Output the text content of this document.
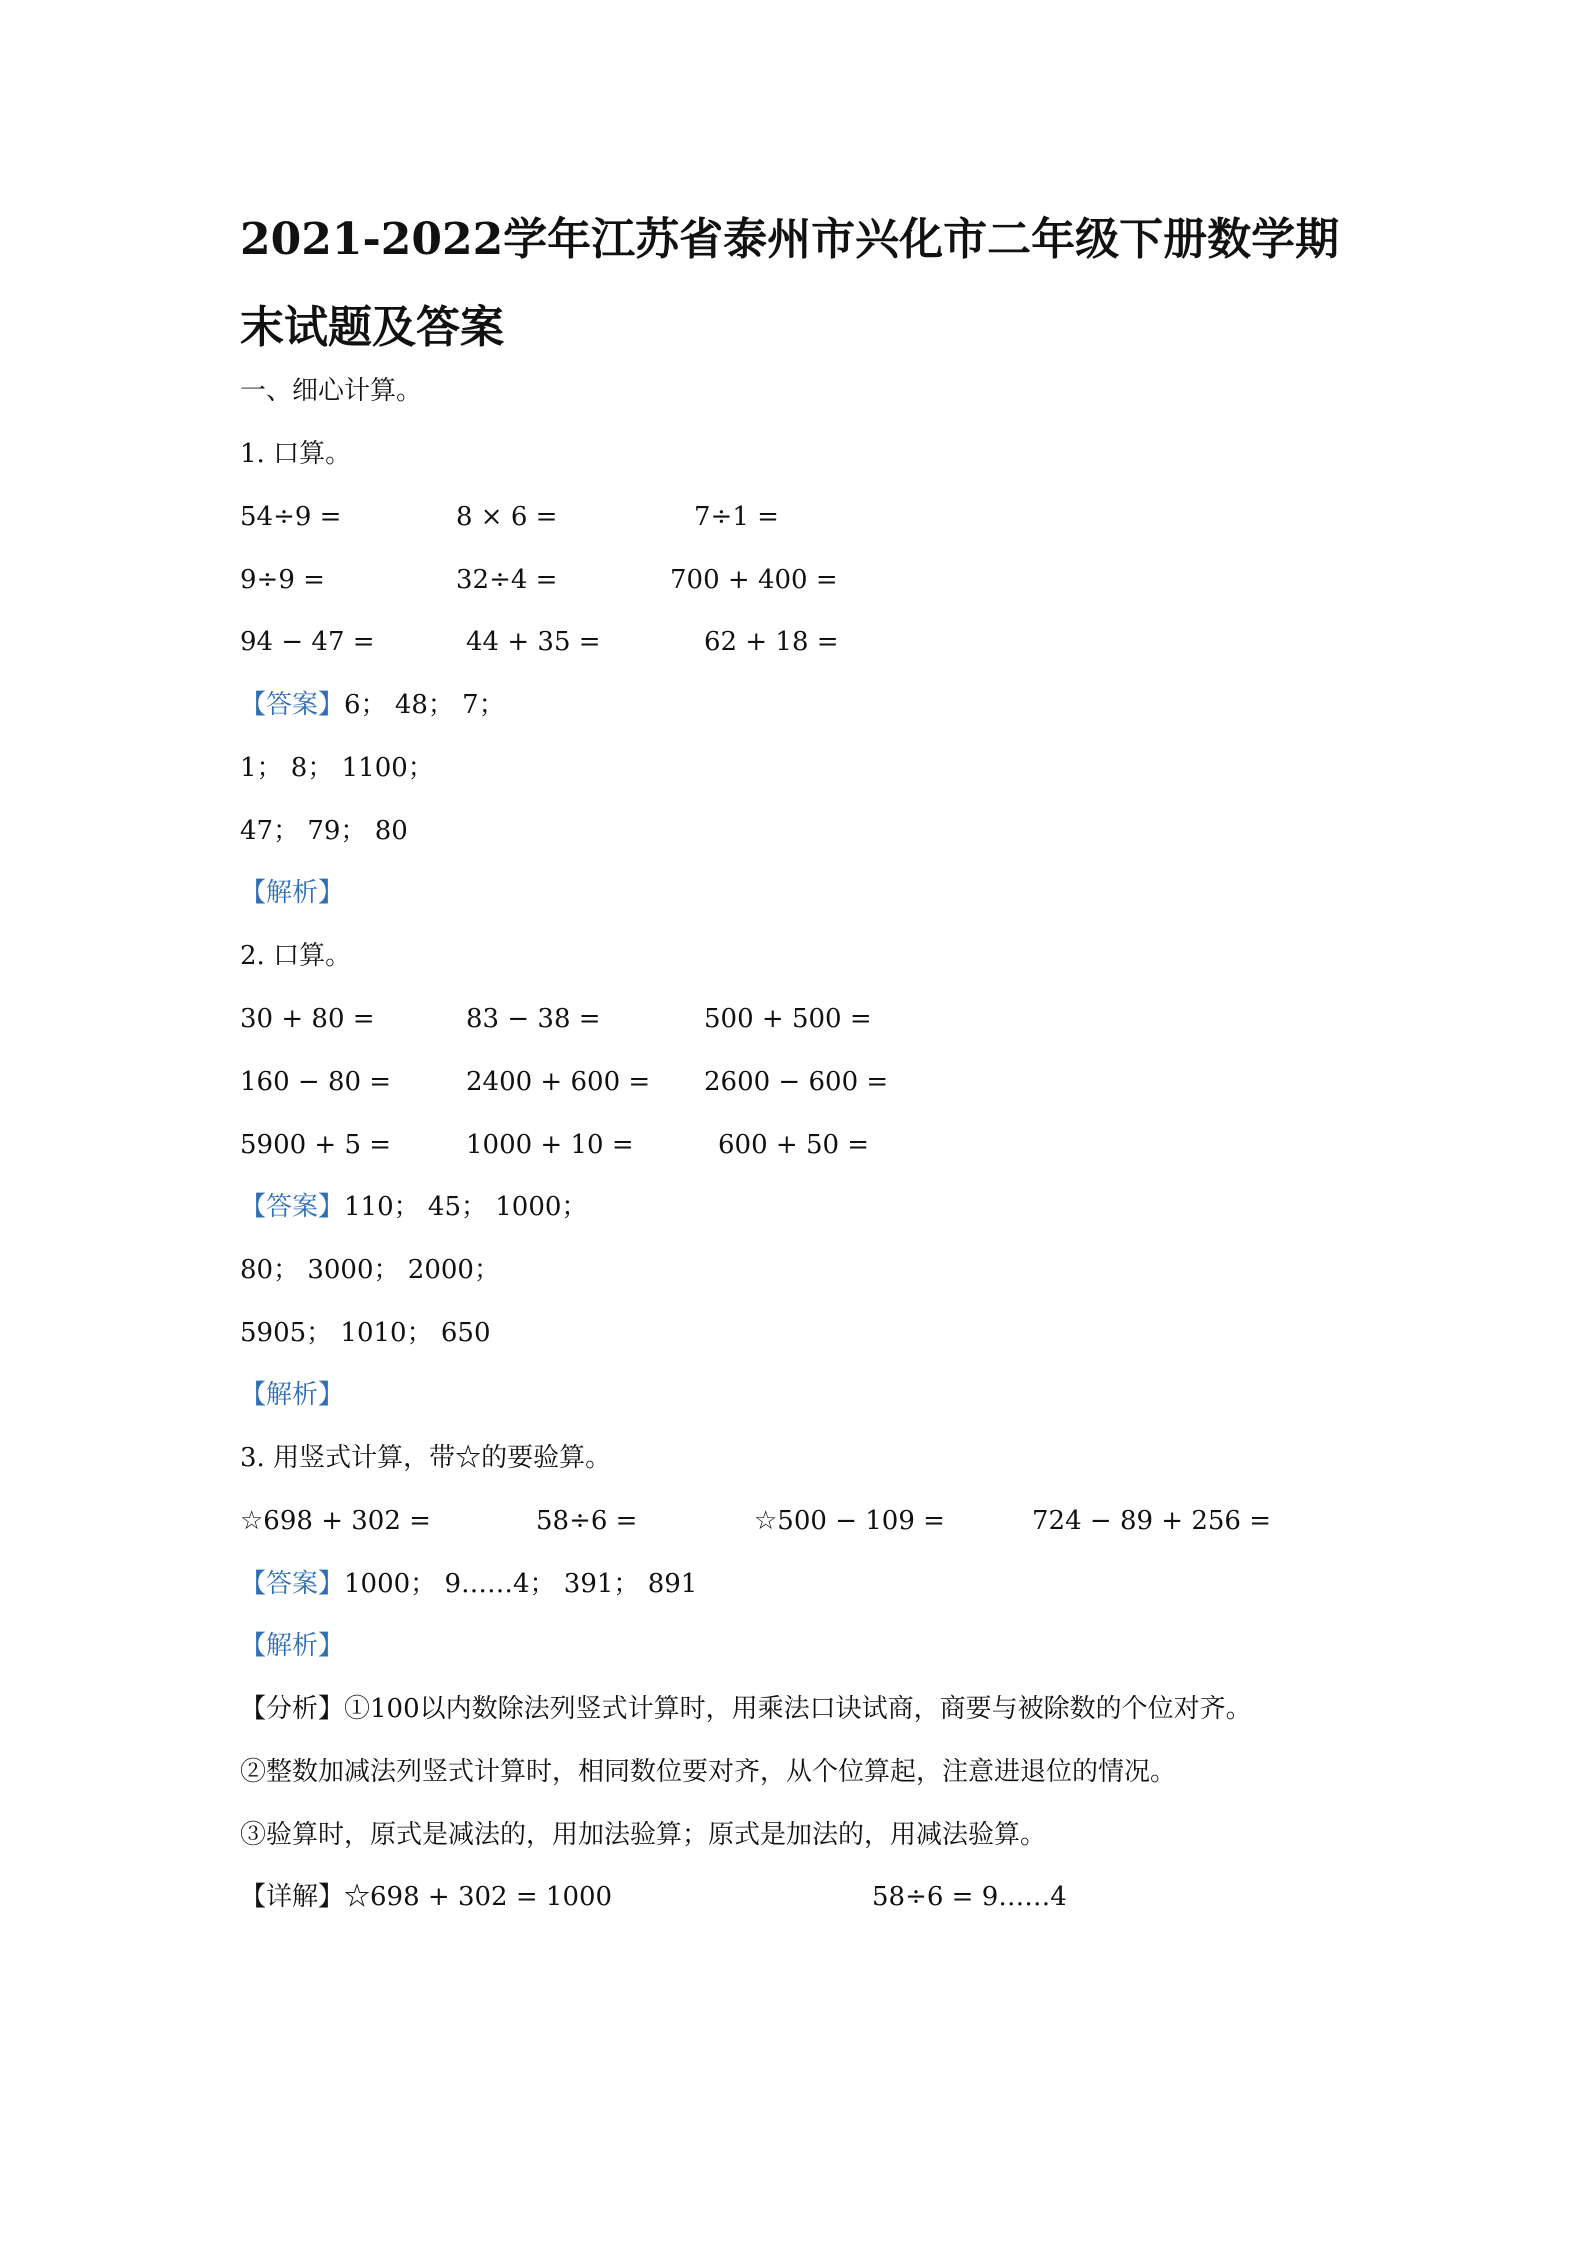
2021-2022学年江苏省泰州市兴化市二年级下册数学期末试题及答案
一、细心计算。
1. 口算。
54÷9 =	8 × 6 =	7÷1 =
9÷9 =	32÷4 =	700 + 400 =
94 − 47 =	44 + 35 =	62 + 18 =
【答案】6； 48； 7；
1； 8； 1100；
47； 79； 80
【解析】
2. 口算。
30 + 80 =	83 − 38 =	500 + 500 =
160 − 80 =	2400 + 600 = 2600 − 600 =
5900 + 5 =	1000 + 10 =	600 + 50 =
【答案】110； 45； 1000；
80； 3000； 2000；
5905； 1010； 650
【解析】
3. 用竖式计算，带☆的要验算。
☆698 + 302 =	58÷6 =	☆500 − 109 =	724 − 89 + 256 =
【答案】1000； 9……4； 391； 891
【解析】
【分析】①100以内数除法列竖式计算时，用乘法口诀试商，商要与被除数的个位对齐。
②整数加减法列竖式计算时，相同数位要对齐，从个位算起，注意进退位的情况。
③验算时，原式是减法的，用加法验算；原式是加法的，用减法验算。
【详解】☆698 + 302 = 1000	58÷6 = 9……4
